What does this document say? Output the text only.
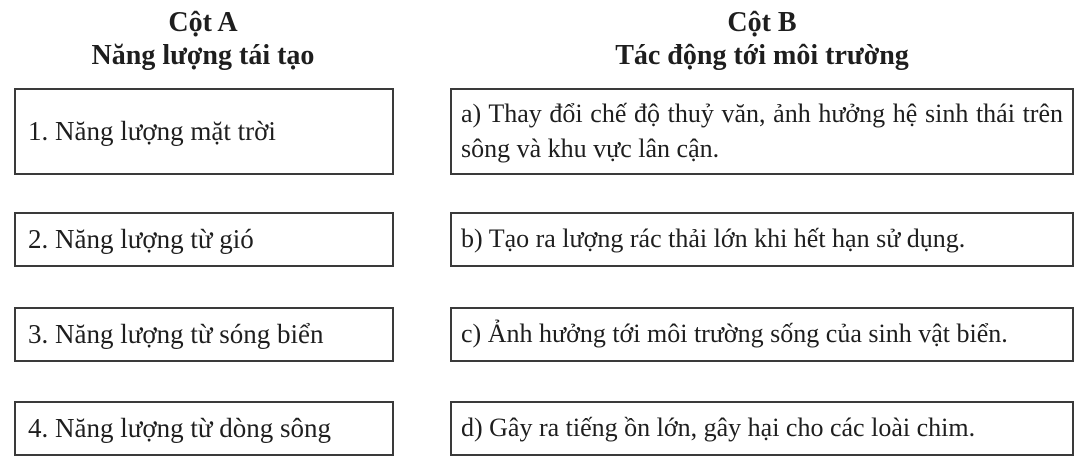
Cột A
Năng lượng tái tạo
Cột B
Tác động tới môi trường
1. Năng lượng mặt trời
2. Năng lượng từ gió
3. Năng lượng từ sóng biển
4. Năng lượng từ dòng sông
a) Thay đổi chế độ thuỷ văn, ảnh hưởng hệ sinh thái trên sông và khu vực lân cận.
b) Tạo ra lượng rác thải lớn khi hết hạn sử dụng.
c) Ảnh hưởng tới môi trường sống của sinh vật biển.
d) Gây ra tiếng ồn lớn, gây hại cho các loài chim.
